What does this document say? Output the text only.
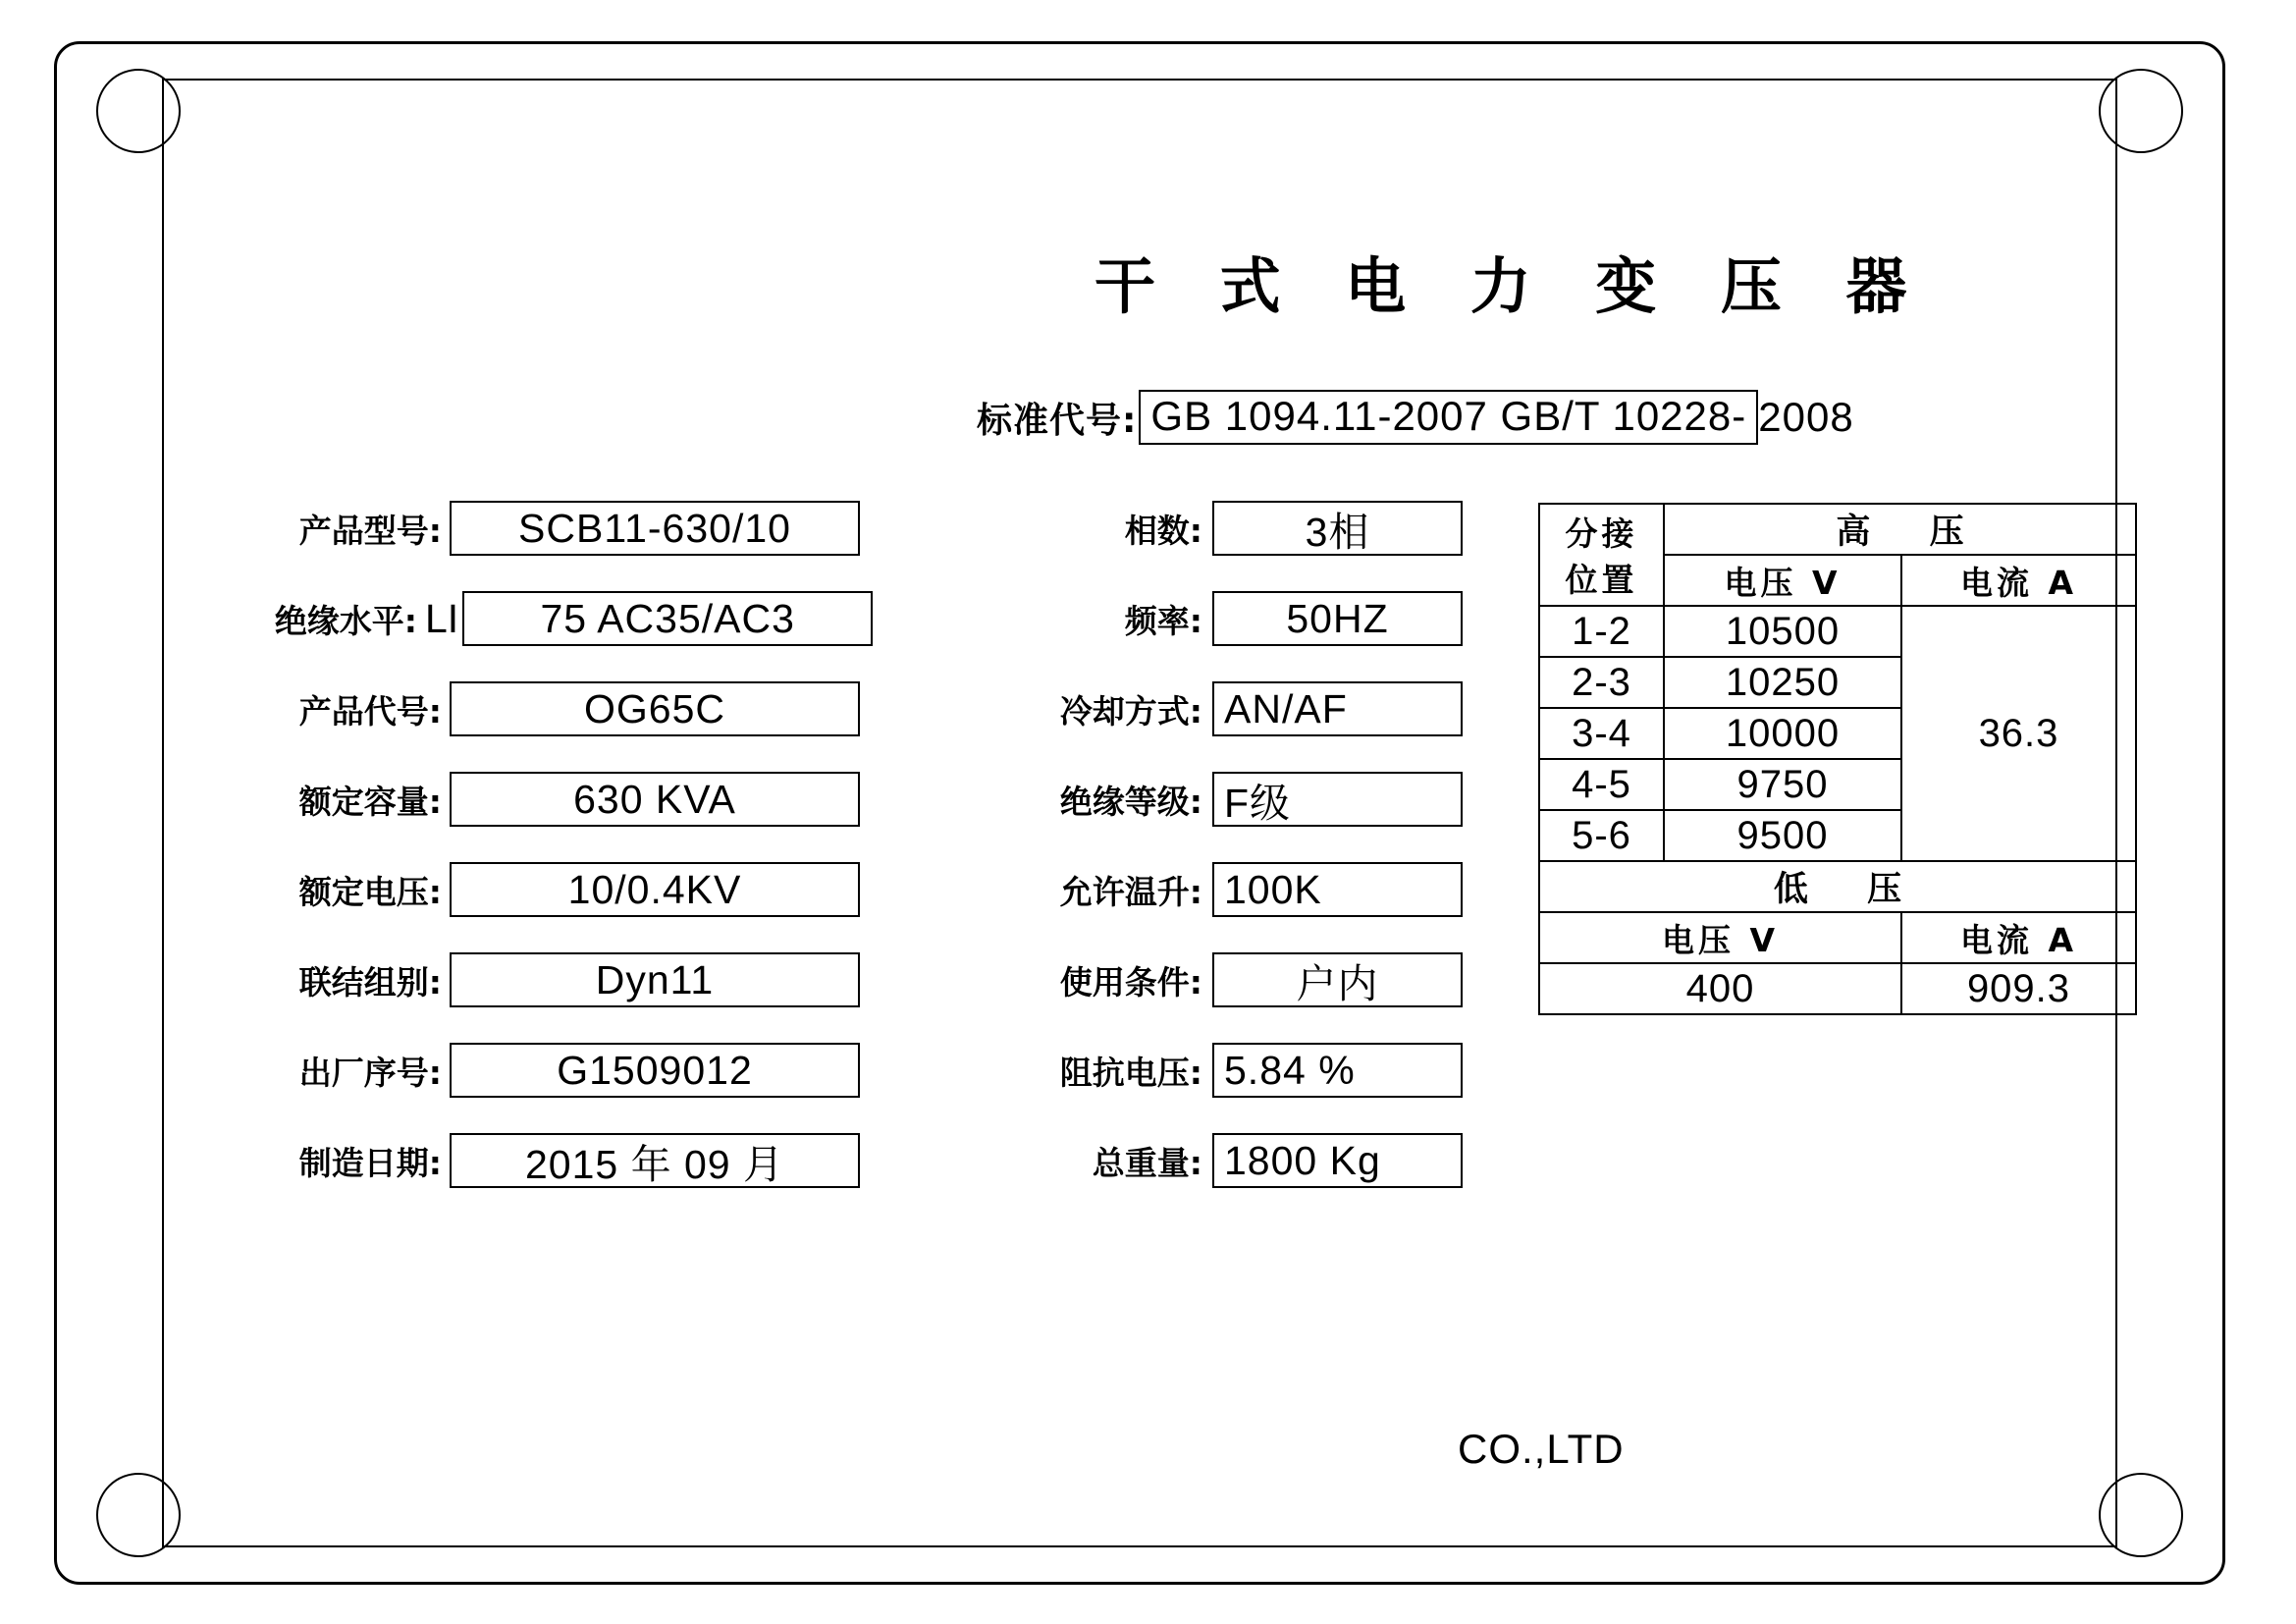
干 式 电 力 变 压 器
标准代号: GB 1094.11-2007 GB/T 10228- 2008
产品型号:	SCB11-630/10
绝缘水平: LI	75 AC35/AC3
产品代号:	OG65C
额定容量:	630 KVA
额定电压:	10/0.4KV
联结组别:	Dyn11
出厂序号:	G1509012
制造日期:	2015 年 09 月
相数:	3相
频率:	50HZ
冷却方式: AN/AF
绝缘等级: F级
允许温升: 100K
使用条件:	户内
阻抗电压: 5.84 %
总重量: 1800 Kg
分接
位置	高 压	
	电压 V	电流 A
1-2	10500	36.3
2-3	10250	
3-4	10000	
4-5	9750	
5-6	9500	
低 压		
电压 V		电流 A
400		909.3
CO.,LTD
